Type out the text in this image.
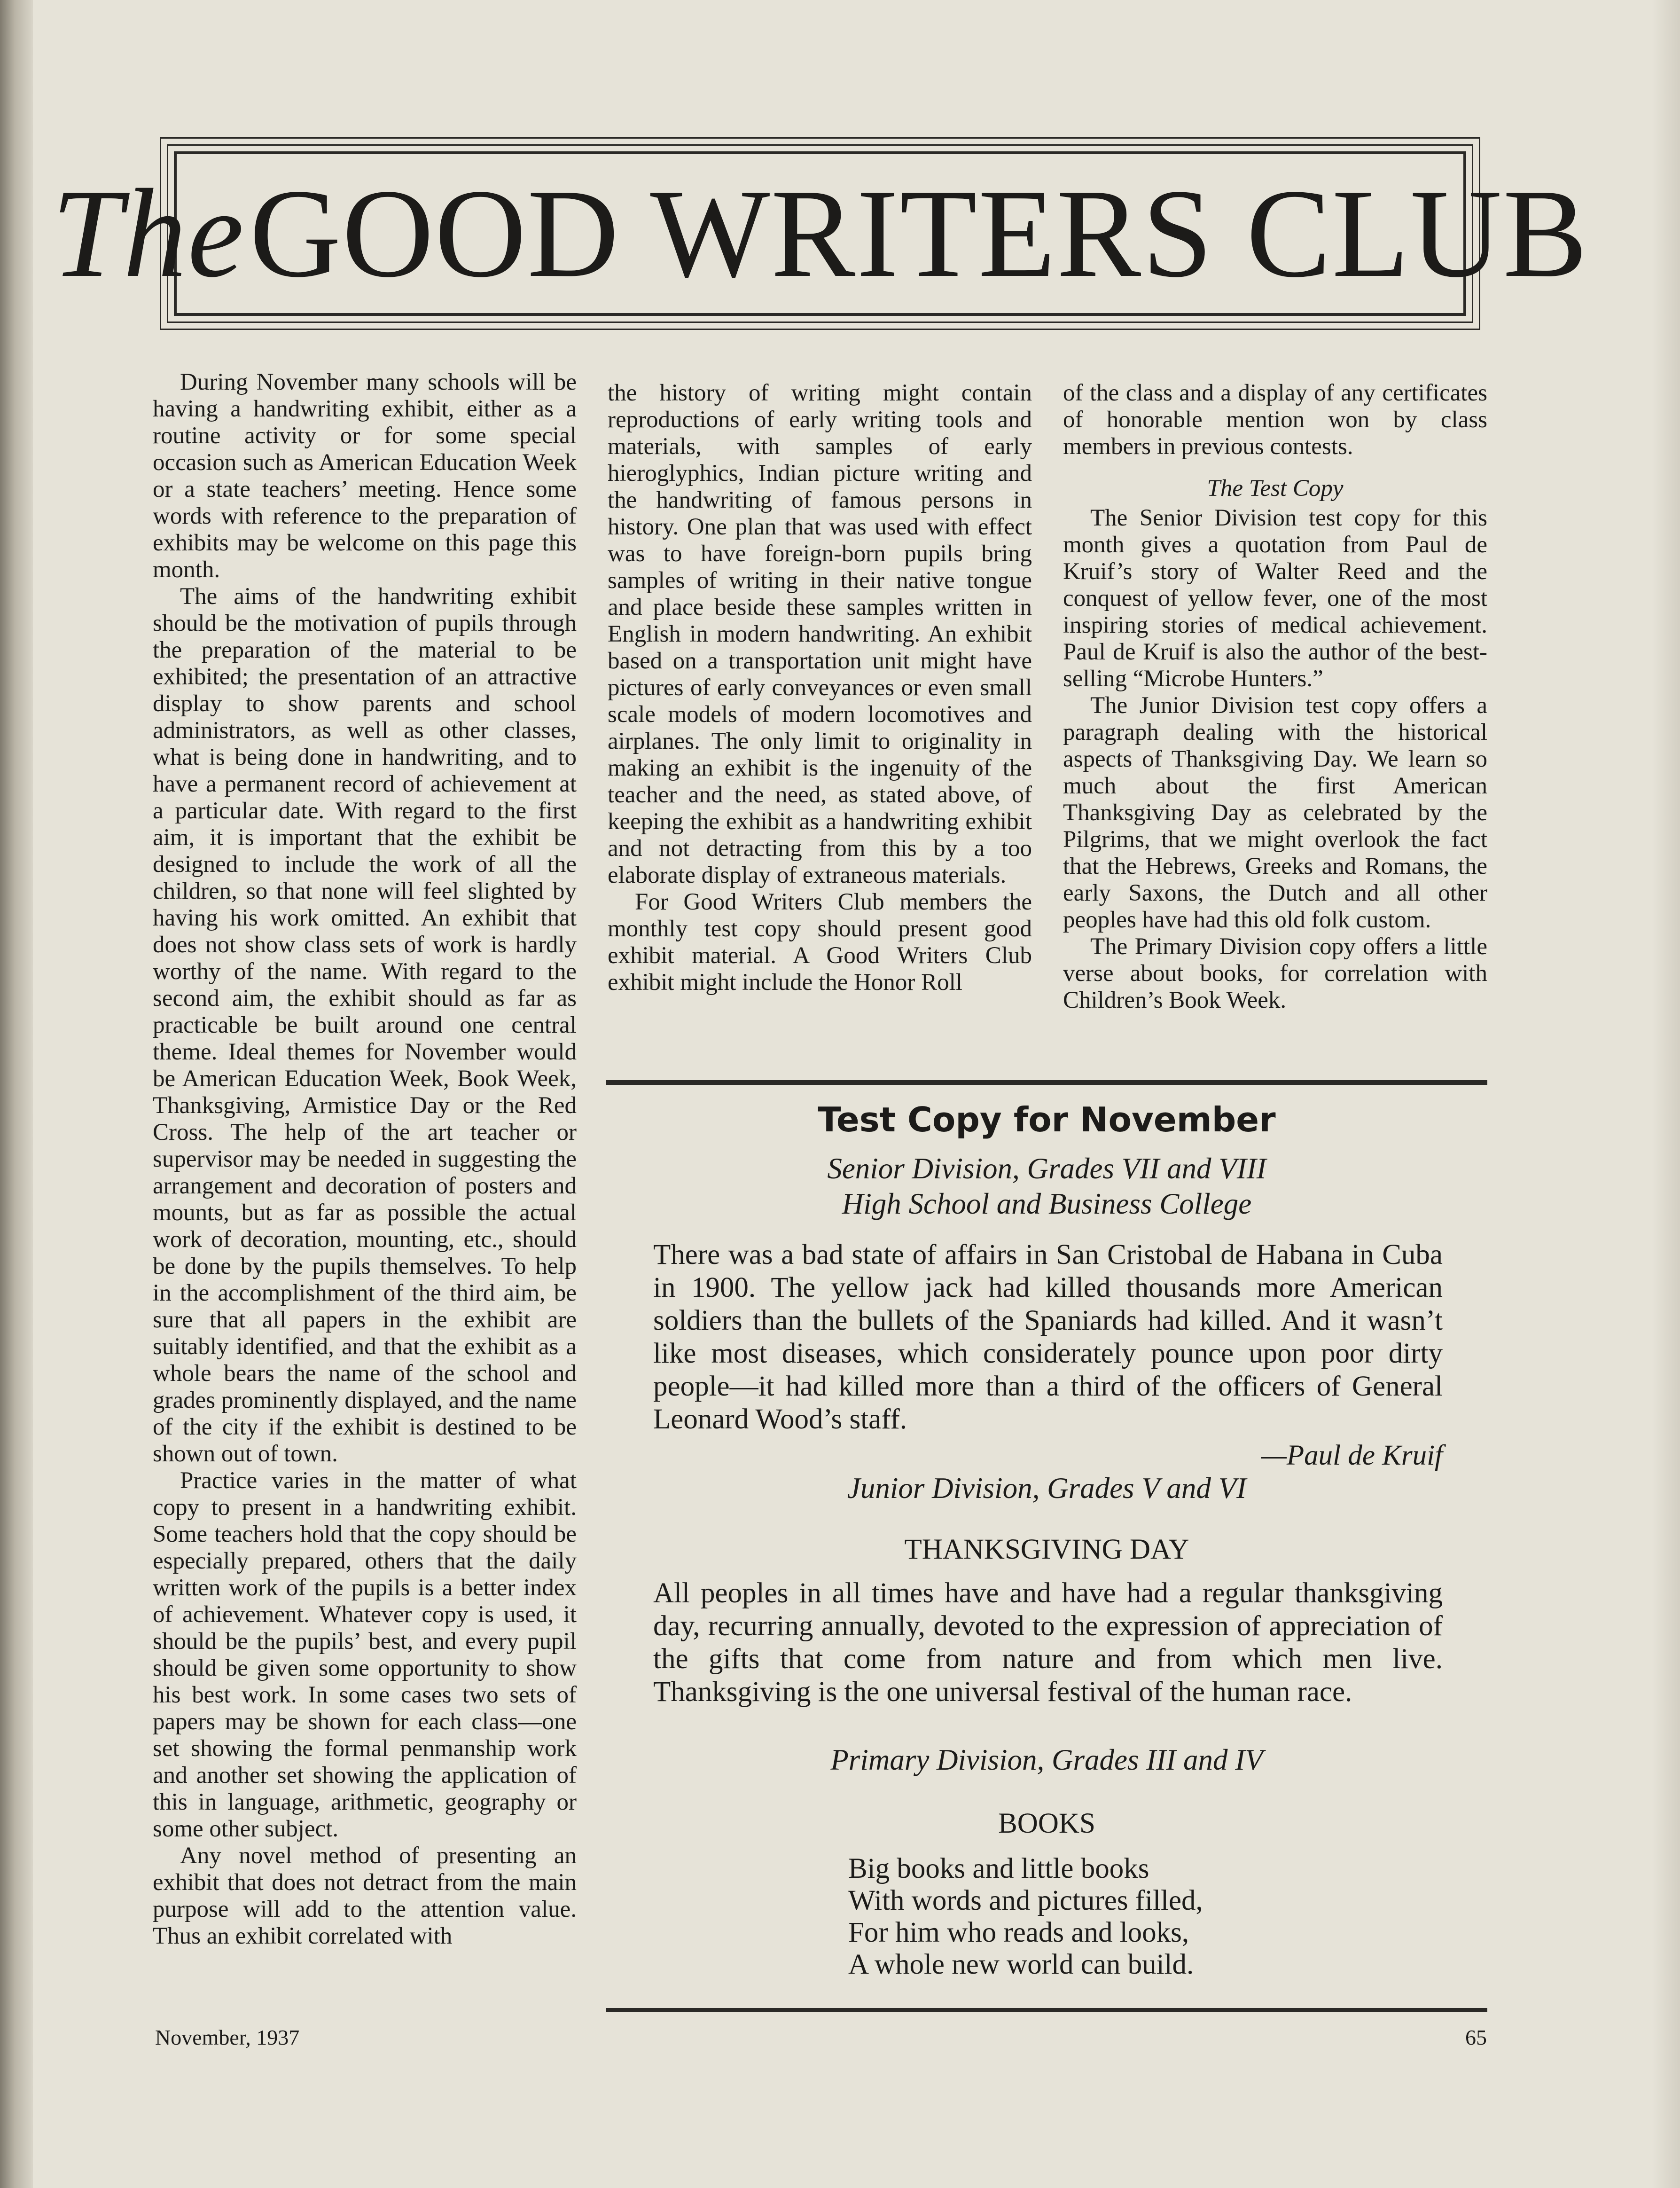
TheGOOD WRITERS CLUB

During November many schools will be having a handwriting exhibit, either as a routine activity or for some special occasion such as American Education Week or a state teachers’ meeting. Hence some words with reference to the preparation of exhibits may be welcome on this page this month.

The aims of the handwriting exhibit should be the motivation of pupils through the preparation of the material to be exhibited; the presentation of an attractive display to show parents and school administrators, as well as other classes, what is being done in handwriting, and to have a permanent record of achievement at a particular date. With regard to the first aim, it is important that the exhibit be designed to include the work of all the children, so that none will feel slighted by having his work omitted. An exhibit that does not show class sets of work is hardly worthy of the name. With regard to the second aim, the exhibit should as far as practicable be built around one central theme. Ideal themes for November would be American Education Week, Book Week, Thanksgiving, Armistice Day or the Red Cross. The help of the art teacher or supervisor may be needed in suggesting the arrangement and decoration of posters and mounts, but as far as possible the actual work of decoration, mounting, etc., should be done by the pupils themselves. To help in the accomplishment of the third aim, be sure that all papers in the exhibit are suitably identified, and that the exhibit as a whole bears the name of the school and grades prominently displayed, and the name of the city if the exhibit is destined to be shown out of town.

Practice varies in the matter of what copy to present in a handwriting exhibit. Some teachers hold that the copy should be especially prepared, others that the daily written work of the pupils is a better index of achievement. Whatever copy is used, it should be the pupils’ best, and every pupil should be given some opportunity to show his best work. In some cases two sets of papers may be shown for each class—one set showing the formal penmanship work and another set showing the application of this in language, arithmetic, geography or some other subject.

Any novel method of presenting an exhibit that does not detract from the main purpose will add to the attention value. Thus an exhibit correlated with

the history of writing might contain reproductions of early writing tools and materials, with samples of early hieroglyphics, Indian picture writing and the handwriting of famous persons in history. One plan that was used with effect was to have foreign-born pupils bring samples of writing in their native tongue and place beside these samples written in English in modern handwriting. An exhibit based on a transportation unit might have pictures of early conveyances or even small scale models of modern locomotives and airplanes. The only limit to originality in making an exhibit is the ingenuity of the teacher and the need, as stated above, of keeping the exhibit as a handwriting exhibit and not detracting from this by a too elaborate display of extraneous materials.

For Good Writers Club members the monthly test copy should present good exhibit material. A Good Writers Club exhibit might include the Honor Roll

of the class and a display of any certificates of honorable mention won by class members in previous contests.

The Test Copy

The Senior Division test copy for this month gives a quotation from Paul de Kruif’s story of Walter Reed and the conquest of yellow fever, one of the most inspiring stories of medical achievement. Paul de Kruif is also the author of the best-selling “Microbe Hunters.”

The Junior Division test copy offers a paragraph dealing with the historical aspects of Thanksgiving Day. We learn so much about the first American Thanksgiving Day as celebrated by the Pilgrims, that we might overlook the fact that the Hebrews, Greeks and Romans, the early Saxons, the Dutch and all other peoples have had this old folk custom.

The Primary Division copy offers a little verse about books, for correlation with Children’s Book Week.

Test Copy for November
Senior Division, Grades VII and VIII
High School and Business College
There was a bad state of affairs in San Cristobal de Habana in Cuba in 1900. The yellow jack had killed thousands more American soldiers than the bullets of the Spaniards had killed. And it wasn’t like most diseases, which considerately pounce upon poor dirty people—it had killed more than a third of the officers of General Leonard Wood’s staff.
—Paul de Kruif
Junior Division, Grades V and VI
THANKSGIVING DAY
All peoples in all times have and have had a regular thanksgiving day, recurring annually, devoted to the expression of appreciation of the gifts that come from nature and from which men live. Thanksgiving is the one universal festival of the human race.
Primary Division, Grades III and IV
BOOKS
Big books and little books
With words and pictures filled,
For him who reads and looks,
A whole new world can build.
November, 1937	65
